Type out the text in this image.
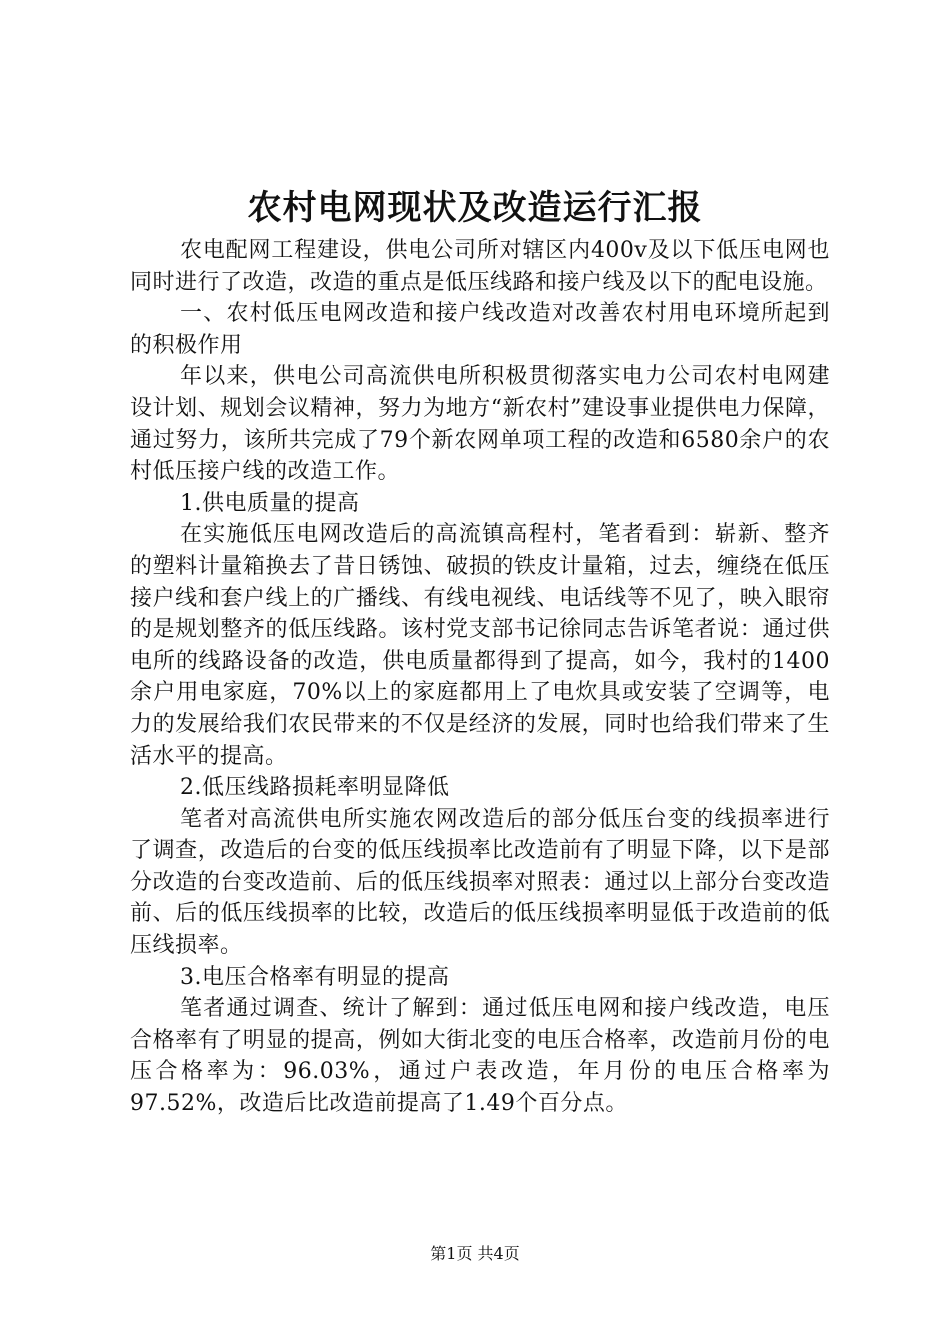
农村电网现状及改造运行汇报

农电配网工程建设，供电公司所对辖区内400v及以下低压电网也同时进行了改造，改造的重点是低压线路和接户线及以下的配电设施。

一、农村低压电网改造和接户线改造对改善农村用电环境所起到的积极作用

年以来，供电公司高流供电所积极贯彻落实电力公司农村电网建设计划、规划会议精神，努力为地方“新农村”建设事业提供电力保障，通过努力，该所共完成了79个新农网单项工程的改造和6580余户的农村低压接户线的改造工作。

1.供电质量的提高

在实施低压电网改造后的高流镇高程村，笔者看到：崭新、整齐的塑料计量箱换去了昔日锈蚀、破损的铁皮计量箱，过去，缠绕在低压接户线和套户线上的广播线、有线电视线、电话线等不见了，映入眼帘的是规划整齐的低压线路。该村党支部书记徐同志告诉笔者说：通过供电所的线路设备的改造，供电质量都得到了提高，如今，我村的1400余户用电家庭，70%以上的家庭都用上了电炊具或安装了空调等，电力的发展给我们农民带来的不仅是经济的发展，同时也给我们带来了生活水平的提高。

2.低压线路损耗率明显降低

笔者对高流供电所实施农网改造后的部分低压台变的线损率进行了调查，改造后的台变的低压线损率比改造前有了明显下降，以下是部分改造的台变改造前、后的低压线损率对照表：通过以上部分台变改造前、后的低压线损率的比较，改造后的低压线损率明显低于改造前的低压线损率。

3.电压合格率有明显的提高

笔者通过调查、统计了解到：通过低压电网和接户线改造，电压合格率有了明显的提高，例如大街北变的电压合格率，改造前月份的电压合格率为：96.03%，通过户表改造，年月份的电压合格率为97.52%，改造后比改造前提高了1.49个百分点。

第1页 共4页
